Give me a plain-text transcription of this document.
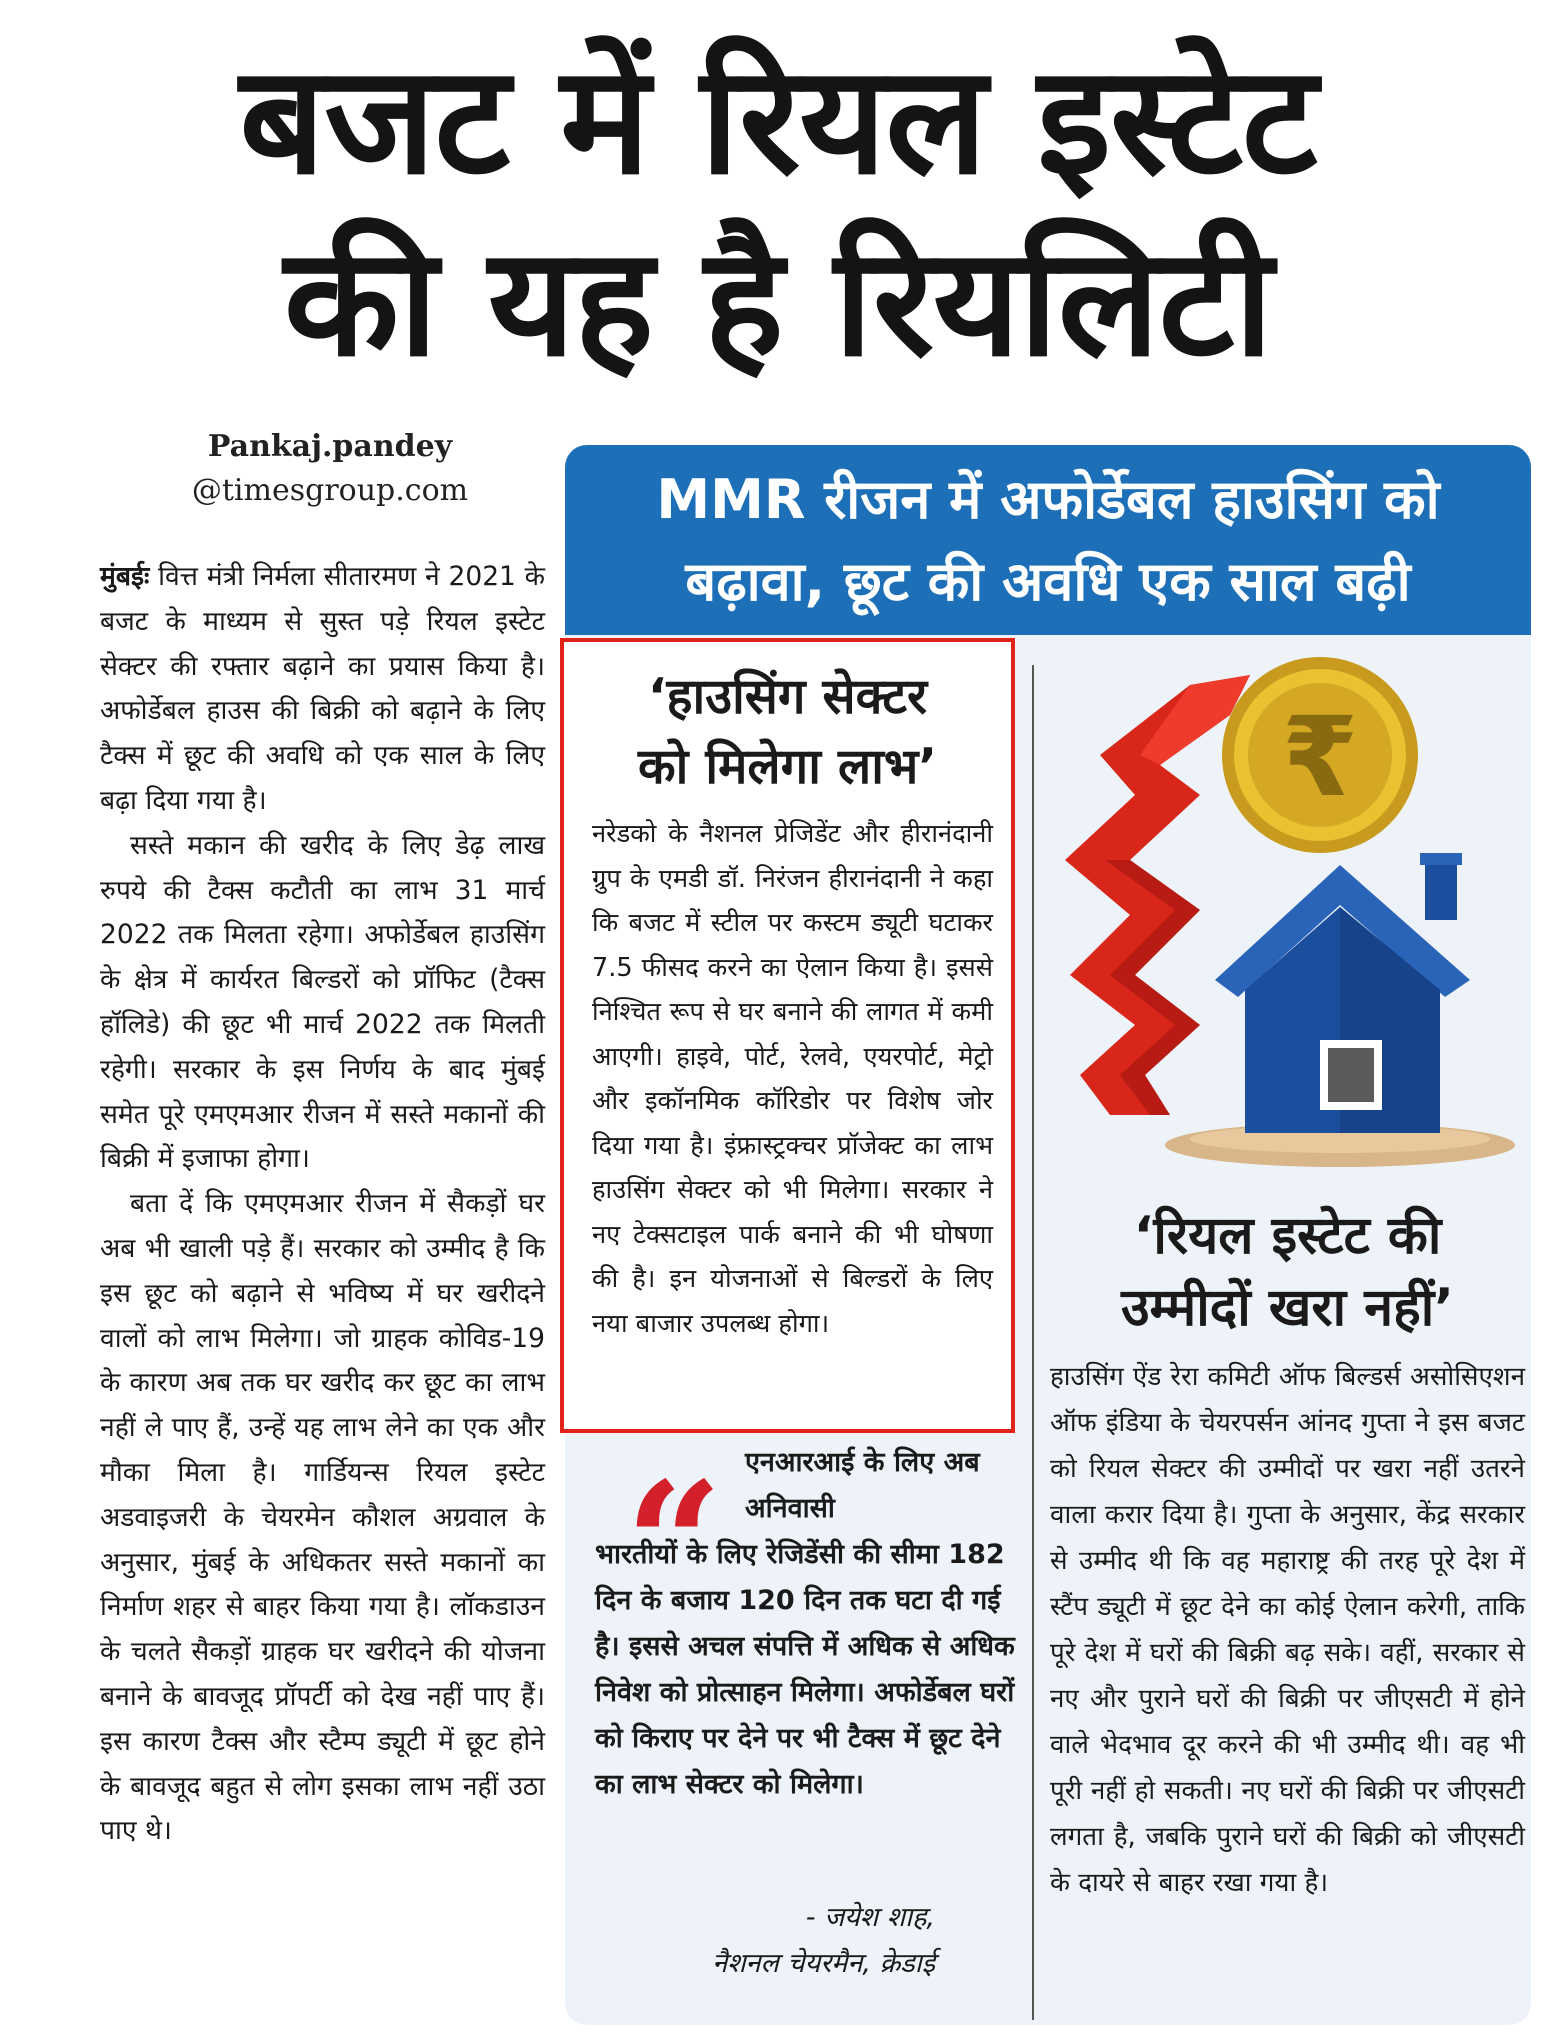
बजट में रियल इस्टेट
की यह है रियलिटी
Pankaj.pandey
@timesgroup.com

मुंबईः वित्त मंत्री निर्मला सीतारमण ने 2021 के बजट के माध्यम से सुस्त पड़े रियल इस्टेट सेक्टर की रफ्तार बढ़ाने का प्रयास किया है। अफोर्डेबल हाउस की बिक्री को बढ़ाने के लिए टैक्स में छूट की अवधि को एक साल के लिए बढ़ा दिया गया है।

सस्ते मकान की खरीद के लिए डेढ़ लाख रुपये की टैक्स कटौती का लाभ 31 मार्च 2022 तक मिलता रहेगा। अफोर्डेबल हाउसिंग के क्षेत्र में कार्यरत बिल्डरों को प्रॉफिट (टैक्स हॉलिडे) की छूट भी मार्च 2022 तक मिलती रहेगी। सरकार के इस निर्णय के बाद मुंबई समेत पूरे एमएमआर रीजन में सस्ते मकानों की बिक्री में इजाफा होगा।

बता दें कि एमएमआर रीजन में सैकड़ों घर अब भी खाली पड़े हैं। सरकार को उम्मीद है कि इस छूट को बढ़ाने से भविष्य में घर खरीदने वालों को लाभ मिलेगा। जो ग्राहक कोविड-19 के कारण अब तक घर खरीद कर छूट का लाभ नहीं ले पाए हैं, उन्हें यह लाभ लेने का एक और मौका मिला है। गार्डियन्स रियल इस्टेट अडवाइजरी के चेयरमेन कौशल अग्रवाल के अनुसार, मुंबई के अधिकतर सस्ते मकानों का निर्माण शहर से बाहर किया गया है। लॉकडाउन के चलते सैकड़ों ग्राहक घर खरीदने की योजना बनाने के बावजूद प्रॉपर्टी को देख नहीं पाए हैं। इस कारण टैक्स और स्टैम्प ड्यूटी में छूट होने के बावजूद बहुत से लोग इसका लाभ नहीं उठा पाए थे।

MMR रीजन में अफोर्डेबल हाउसिंग को
बढ़ावा, छूट की अवधि एक साल बढ़ी
‘हाउसिंग सेक्टर
को मिलेगा लाभ’
नरेडको के नैशनल प्रेजिडेंट और हीरानंदानी ग्रुप के एमडी डॉ. निरंजन हीरानंदानी ने कहा कि बजट में स्टील पर कस्टम ड्यूटी घटाकर 7.5 फीसद करने का ऐलान किया है। इससे निश्चित रूप से घर बनाने की लागत में कमी आएगी। हाइवे, पोर्ट, रेलवे, एयरपोर्ट, मेट्रो और इकॉनमिक कॉरिडोर पर विशेष जोर दिया गया है। इंफ्रास्ट्रक्चर प्रॉजेक्ट का लाभ हाउसिंग सेक्टर को भी मिलेगा। सरकार ने नए टेक्सटाइल पार्क बनाने की भी घोषणा की है। इन योजनाओं से बिल्डरों के लिए नया बाजार उपलब्ध होगा।
“ एनआरआई के लिए अब अनिवासी
भारतीयों के लिए रेजिडेंसी की सीमा 182 दिन के बजाय 120 दिन तक घटा दी गई है। इससे अचल संपत्ति में अधिक से अधिक निवेश को प्रोत्साहन मिलेगा। अफोर्डेबल घरों को किराए पर देने पर भी टैक्स में छूट देने का लाभ सेक्टर को मिलेगा।
- जयेश शाह,
नैशनल चेयरमैन, क्रेडाई
₹
‘रियल इस्टेट की
उम्मीदों खरा नहीं’
हाउसिंग ऐंड रेरा कमिटी ऑफ बिल्डर्स असोसिएशन ऑफ इंडिया के चेयरपर्सन आंनद गुप्ता ने इस बजट को रियल सेक्टर की उम्मीदों पर खरा नहीं उतरने वाला करार दिया है। गुप्ता के अनुसार, केंद्र सरकार से उम्मीद थी कि वह महाराष्ट्र की तरह पूरे देश में स्टैंप ड्यूटी में छूट देने का कोई ऐलान करेगी, ताकि पूरे देश में घरों की बिक्री बढ़ सके। वहीं, सरकार से नए और पुराने घरों की बिक्री पर जीएसटी में होने वाले भेदभाव दूर करने की भी उम्मीद थी। वह भी पूरी नहीं हो सकती। नए घरों की बिक्री पर जीएसटी लगता है, जबकि पुराने घरों की बिक्री को जीएसटी के दायरे से बाहर रखा गया है।
